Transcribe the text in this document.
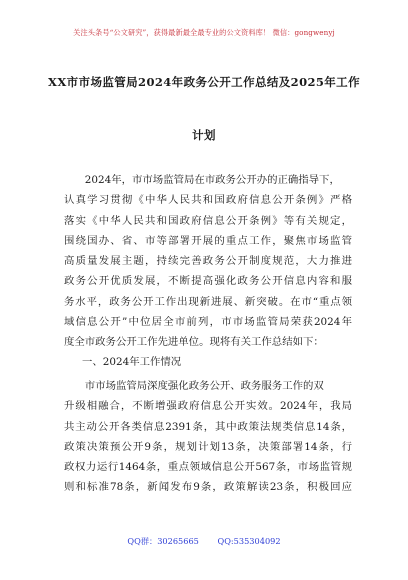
关注头条号“公文研究”，获得最新最全最专业的公文资料库！ 微信：gongwenyj
XX市市场监管局2024年政务公开工作总结及2025年工作
计划
2024年，市市场监管局在市政务公开办的正确指导下，
认真学习贯彻《中华人民共和国政府信息公开条例》严格
落实《中华人民共和国政府信息公开条例》等有关规定，
围绕国办、省、市等部署开展的重点工作，聚焦市场监管
高质量发展主题，持续完善政务公开制度规范，大力推进
政务公开优质发展，不断提高强化政务公开信息内容和服
务水平，政务公开工作出现新进展、新突破。在市“重点领
域信息公开”中位居全市前列，市市场监管局荣获2024年
度全市政务公开工作先进单位。现将有关工作总结如下：
一、2024年工作情况
市市场监管局深度强化政务公开、政务服务工作的双
升级相融合，不断增强政府信息公开实效。2024年，我局
共主动公开各类信息2391条，其中政策法规类信息14条，
政策决策预公开9条，规划计划13条，决策部署14条，行
政权力运行1464条，重点领域信息公开567条，市场监管规
则和标准78条，新闻发布9条，政策解读23条，积极回应
QQ群：30265665 QQ:535304092
